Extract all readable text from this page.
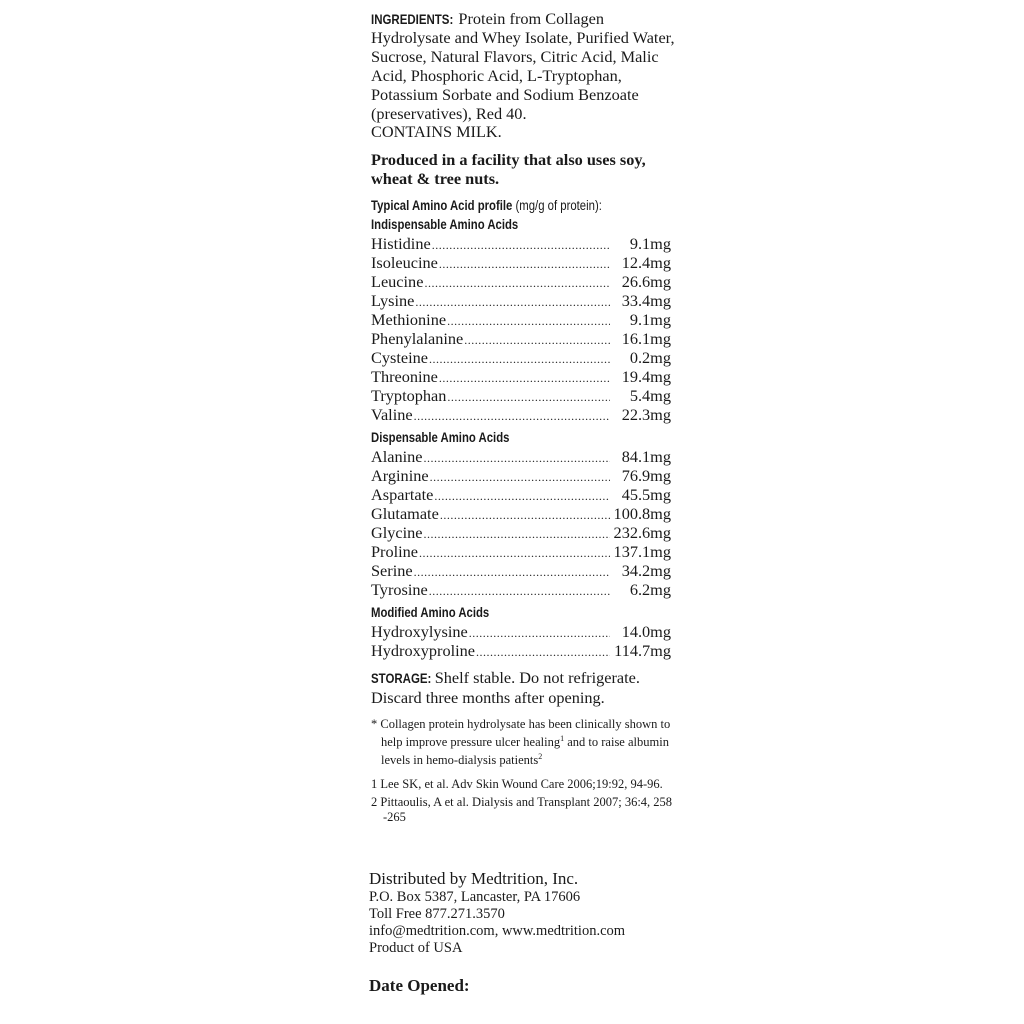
INGREDIENTS: Protein from Collagen Hydrolysate and Whey Isolate, Purified Water, Sucrose, Natural Flavors, Citric Acid, Malic Acid, Phosphoric Acid, L-Tryptophan, Potassium Sorbate and Sodium Benzoate (preservatives), Red 40.
CONTAINS MILK.

Produced in a facility that also uses soy, wheat & tree nuts.

Typical Amino Acid profile (mg/g of protein):
Indispensable Amino Acids
Histidine .....	9.1mg
Isoleucine .....	12.4mg
Leucine .....	26.6mg
Lysine .....	33.4mg
Methionine .....	9.1mg
Phenylalanine .....	16.1mg
Cysteine .....	0.2mg
Threonine .....	19.4mg
Tryptophan .....	5.4mg
Valine .....	22.3mg
Dispensable Amino Acids
Alanine .....	84.1mg
Arginine .....	76.9mg
Aspartate .....	45.5mg
Glutamate .....	100.8mg
Glycine .....	232.6mg
Proline .....	137.1mg
Serine .....	34.2mg
Tyrosine .....	6.2mg
Modified Amino Acids
Hydroxylysine .....	14.0mg
Hydroxyproline .....	114.7mg

STORAGE: Shelf stable. Do not refrigerate. Discard three months after opening.

* Collagen protein hydrolysate has been clinically shown to help improve pressure ulcer healing$^1$ and to raise albumin levels in hemo-dialysis patients$^2$

1 Lee SK, et al. Adv Skin Wound Care 2006;19:92, 94-96.

2 Pittaoulis, A et al. Dialysis and Transplant 2007; 36:4, 258 -265

Distributed by Medtrition, Inc.
P.O. Box 5387, Lancaster, PA 17606
Toll Free 877.271.3570
info@medtrition.com, www.medtrition.com
Product of USA
Date Opened:
